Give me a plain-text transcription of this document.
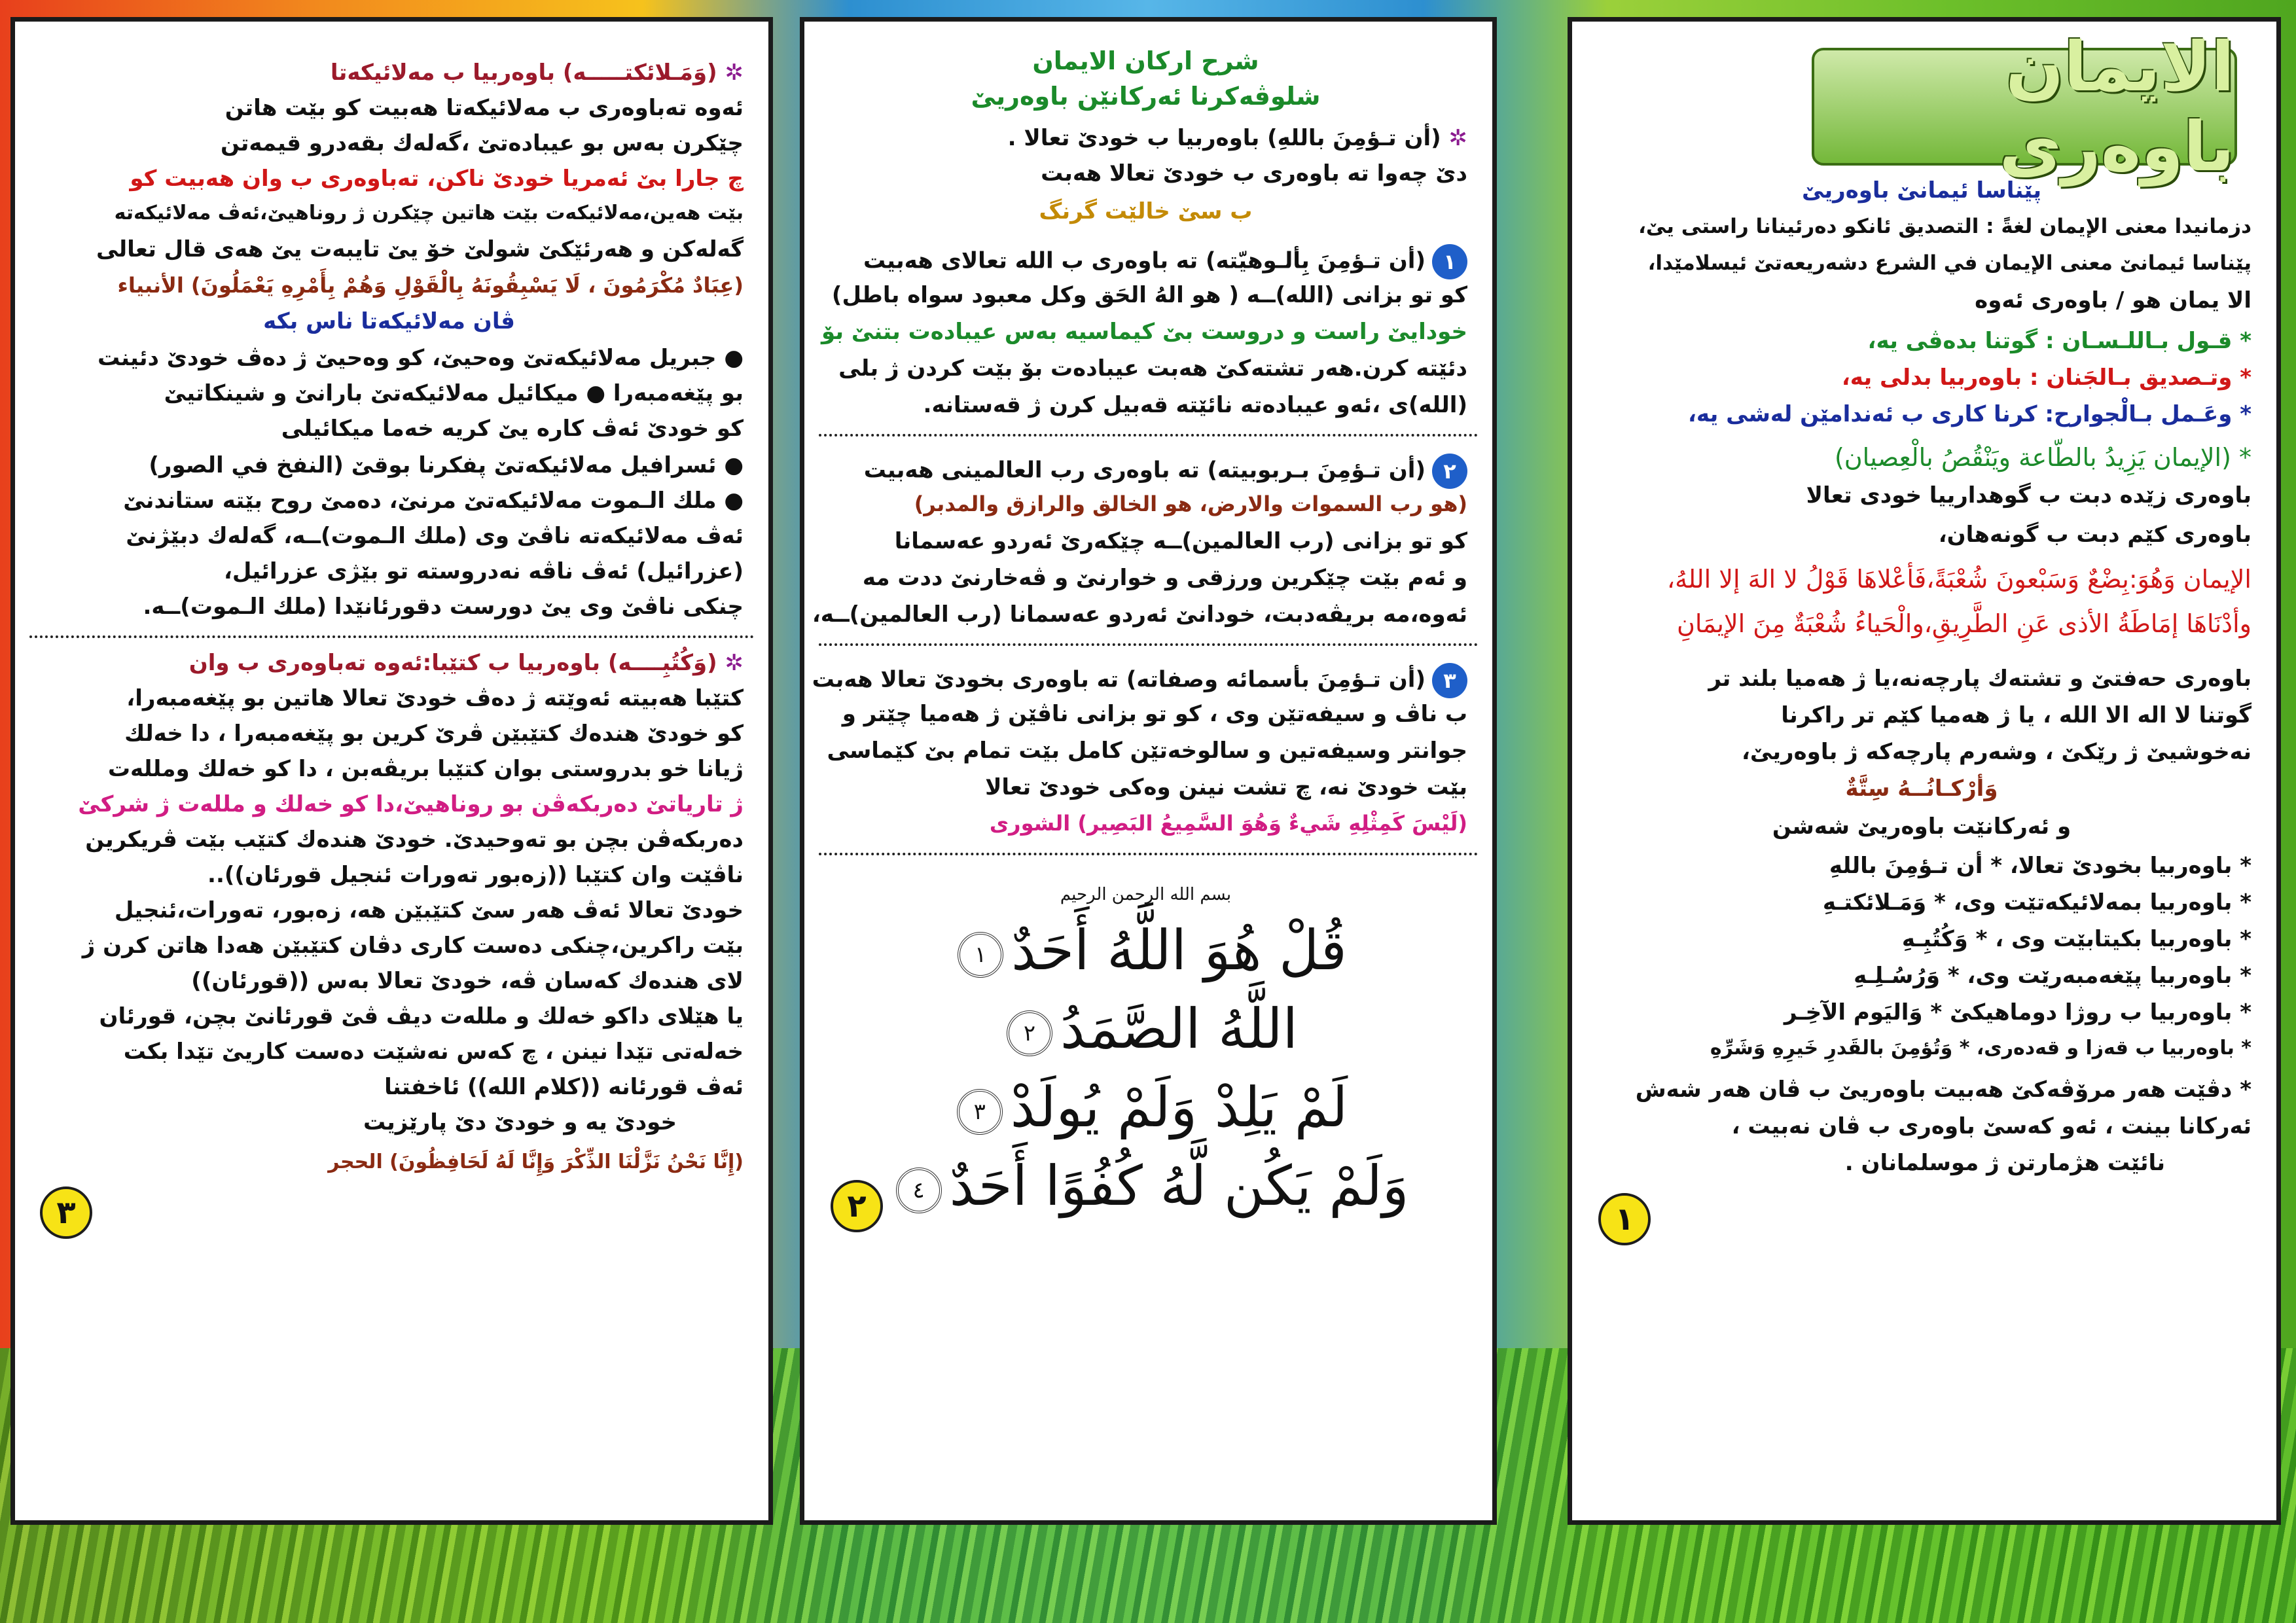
✲ (وَمَـلائكتـــــه) باوەربیا ب مەلائیكەتا
ئەوە تەباوەری ب مەلائیكەتا ھەبیت كو بێت ھاتن
چێكرن بەس بو عیبادەتێ ،گەلەك بقەدرو قیمەتن
چ جارا بێ ئەمریا خودێ ناكن، تەباوەری ب وان ھەبیت كو
بێت ھەین،مەلائیكەت بێت ھاتین چێكرن ژ روناھیێ،ئەڤ مەلائیكەتە
گەلەكن و ھەرئێكێ شولێ خۆ یێ تایبەت یێ ھەی قال تعالی
(عِبَادٌ مُكْرَمُونَ ، لَا يَسْبِقُونَهُ بِالْقَوْلِ وَهُمْ بِأَمْرِهِ يَعْمَلُونَ) الأنبياء
ڤان مەلائیكەتا ناس بكە
● جبریل مەلائیكەتێ وەحیێ، كو وەحیێ ژ دەڤ خودێ دئینت
بو پێغەمبەرا ● میكائیل مەلائیكەتێ بارانێ و شینكاتیێ
كو خودێ ئەڤ كارە یێ كریە خەما میكائیلی
● ئسرافیل مەلائیكەتێ پفكرنا بوقێ (النفخ في الصور)
● ملك الـموت مەلائیكەتێ مرنێ، دەمێ روح بێتە ستاندنێ
ئەڤ مەلائیكەتە ناڤێ وی (ملك الـموت)ــە، گەلەك دبێژنێ
(عزرائیل) ئەڤ ناڤە نەدروستە تو بێژی عزرائیل،
چنكی ناڤێ وی یێ دورست دقورئانێدا (ملك الـموت)ــە.
✲ (وَكُتُبِــــه) باوەربیا ب كتێبا:ئەوە تەباوەری ب وان
كتێبا ھەبیتە ئەوێتە ژ دەڤ خودێ تعالا ھاتین بو پێغەمبەرا،
كو خودێ ھندەك كتێبێن ڤرێ كرین بو پێغەمبەرا ، دا خەلك
ژیانا خو بدروستی بوان كتێبا بریڤەبن ، دا كو خەلك ومللەت
ژ تاریاتێ دەربكەڤن بو روناھیێ،دا كو خەلك و مللەت ژ شركێ
دەربكەڤن بچن بو تەوحیدێ. خودێ ھندەك كتێب بێت ڤریكرین
ناڤێت وان كتێبا ((زەبور تەورات ئنجیل قورئان))..
خودێ تعالا ئەڤ ھەر سێ كتێبێن ھە، زەبور، تەورات،ئنجیل
بێت راكرین،چنكی دەست كاری دڤان كتێبێن ھەدا ھاتن كرن ژ
لای ھندەك كەسان ڤە، خودێ تعالا بەس ((قورئان))
یا ھێلای داكو خەلك و مللەت دیڤ ڤێ قورئانێ بچن، قورئان
خەلەتی تێدا نینن ، چ كەس نەشێت دەست كاریێ تێدا بكت
ئەڤ قورئانە ((كلام الله)) ئاخفتنا
خودێ یە و خودێ دێ پارێزیت
(إِنَّا نَحْنُ نَزَّلْنَا الذِّكْرَ وَإِنَّا لَهُ لَحَافِظُونَ) الحجر
٣
شرح اركان الايمان
شلوڤەكرنا ئەركانێن باوەریێ
✲ (أن تـؤمِنَ باللهِ) باوەربیا ب خودێ تعالا .
دێ چەوا تە باوەری ب خودێ تعالا ھەبت
ب سێ خالێت گرنگ
١(أن تـؤمِنَ بِألـوهيّته) تە باوەری ب الله تعالای ھەبیت
كو تو بزانی (الله)ــە ( هو الهُ الحَق وكل معبود سواه باطل)
خودایێ راست و دروست بێ كیماسیە بەس عیبادەت بتنێ بۆ
دئێتە كرن.ھەر تشتەكێ ھەبت عیبادەت بۆ بێت كردن ژ بلی
(الله)ی ،ئەو عیبادەتە نائێتە قەبیل كرن ژ قەستانە.
٢(أن تـؤمِنَ بـربوبيته) تە باوەری رب العالمینی ھەبیت
(هو رب السموات والارض، هو الخالق والرازق والمدبر)
كو تو بزانی (رب العالمین)ــە چێكەرێ ئەردو عەسمانا
و ئەم بێت چێكرین ورزقی و خوارنێ و ڤەخارنێ ددت مە
ئەوە،مە بریڤەدبت، خودانێ ئەردو عەسمانا (رب العالمین)ــە،
٣(أن تـؤمِنَ بأسمائه وصفاته) تە باوەری بخودێ تعالا ھەبت
ب ناڤ و سیفەتێن وی ، كو تو بزانی ناڤێن ژ ھەمیا چێتر و
جوانتر وسیفەتین و سالوخەتێن كامل بێت تمام بێ كێماسی
بێت خودێ نە، چ تشت نینن وەكی خودێ تعالا
(لَيْسَ كَمِثْلِهِ شَيءٌ وَهُوَ السَّمِيعُ البَصِير) الشورى
بسم الله الرحمن الرحيم
قُلْ هُوَ اللَّهُ أَحَدٌ١
اللَّهُ الصَّمَدُ٢
لَمْ يَلِدْ وَلَمْ يُولَدْ٣
وَلَمْ يَكُن لَّهُ كُفُوًا أَحَدٌ٤
٢
الایمان باوەری
پێناسا ئیمانێ باوەریێ
دزمانیدا معنى الإيمان لغةً : التصديق ئانكو دەرئینانا راستی یێ،
پێناسا ئیمانێ معنى الإيمان في الشرع دشەریعەتێ ئیسلامێدا،
الا یمان ھو / باوەری ئەوە
* قـول بـاللـسـان : گوتنا بدەڤی یە،
* وتـصديق بـالجَنان : باوەربیا بدلی یە،
* وعَـمل بـالْجوارح: كرنا كاری ب ئەندامێن لەشی یە،
* (الإيمان يَزِيدُ بالطّاعة ويَنْقُصُ بالْعِصيان)
باوەری زێدە دبت ب گوھدارییا خودی تعالا
باوەری كێم دبت ب گونەھان،
الإيمان وَهُوَ:بِضْعٌ وَسَبْعونَ شُعْبَةً،فَأعْلاهَا قَوْلُ لا الهَ إلا اللهُ،
وأدْنَاهَا إمَاطَةُ الأذى عَنِ الطَّرِيقِ،والْحَياءُ شُعْبَةٌ مِنَ الإيمَانِ
باوەری حەفتێ و تشتەك پارچەنە،یا ژ ھەمیا بلند تر
گوتنا لا اله الا الله ، یا ژ ھەمیا كێم تر راكرنا
نەخوشیێ ژ رێكێ ، وشەرم پارچەكە ژ باوەریێ،
وَأرْكـانُــهُ سِتَّةٌ
و ئەركانێت باوەریێ شەشن
* باوەربیا بخودێ تعالا، * أن تـؤمِنَ باللهِ
* باوەربیا بمەلائیكەتێت وی، * وَمَـلائكتـهِ
* باوەربیا بكیتابێت وی ، * وَكُتُبِـهِ
* باوەربیا پێغەمبەرێت وی، * وَرُسُـلِـهِ
* باوەربیا ب روژا دوماھیكێ * وَاليَوم الآخِـر
* باوەربیا ب قەزا و قەدەری، * وَتُؤمِنَ بالقَدرِ خَيرِهِ وَشَرِّهِ
* دڤێت ھەر مرۆڤەكێ ھەبیت باوەریێ ب ڤان ھەر شەش
ئەركانا بینت ، ئەو كەسێ باوەری ب ڤان نەبیت ،
نائێت ھژمارتن ژ موسلمانان .
١
